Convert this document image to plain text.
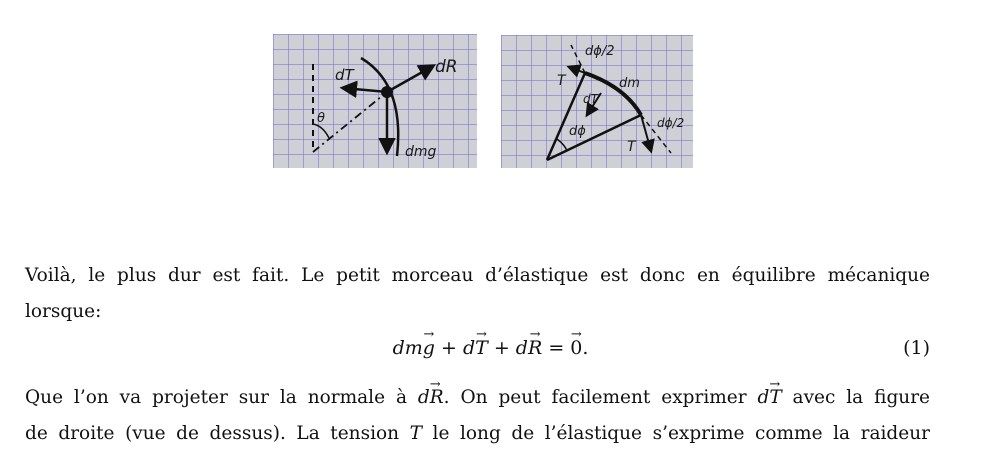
dT	dR
θ
dmg
dϕ/2
T	dm
dT
dϕ
dϕ/2
T
Voilà, le plus dur est fait. Le petit morceau d’élastique est donc en équilibre mécanique
lorsque:
dm→ g + d→ T + d→ R = → 0.	(1)
Que l’on va projeter sur la normale à d→ R. On peut facilement exprimer d→ T avec la figure
de droite (vue de dessus). La tension T le long de l’élastique s’exprime comme la raideur
